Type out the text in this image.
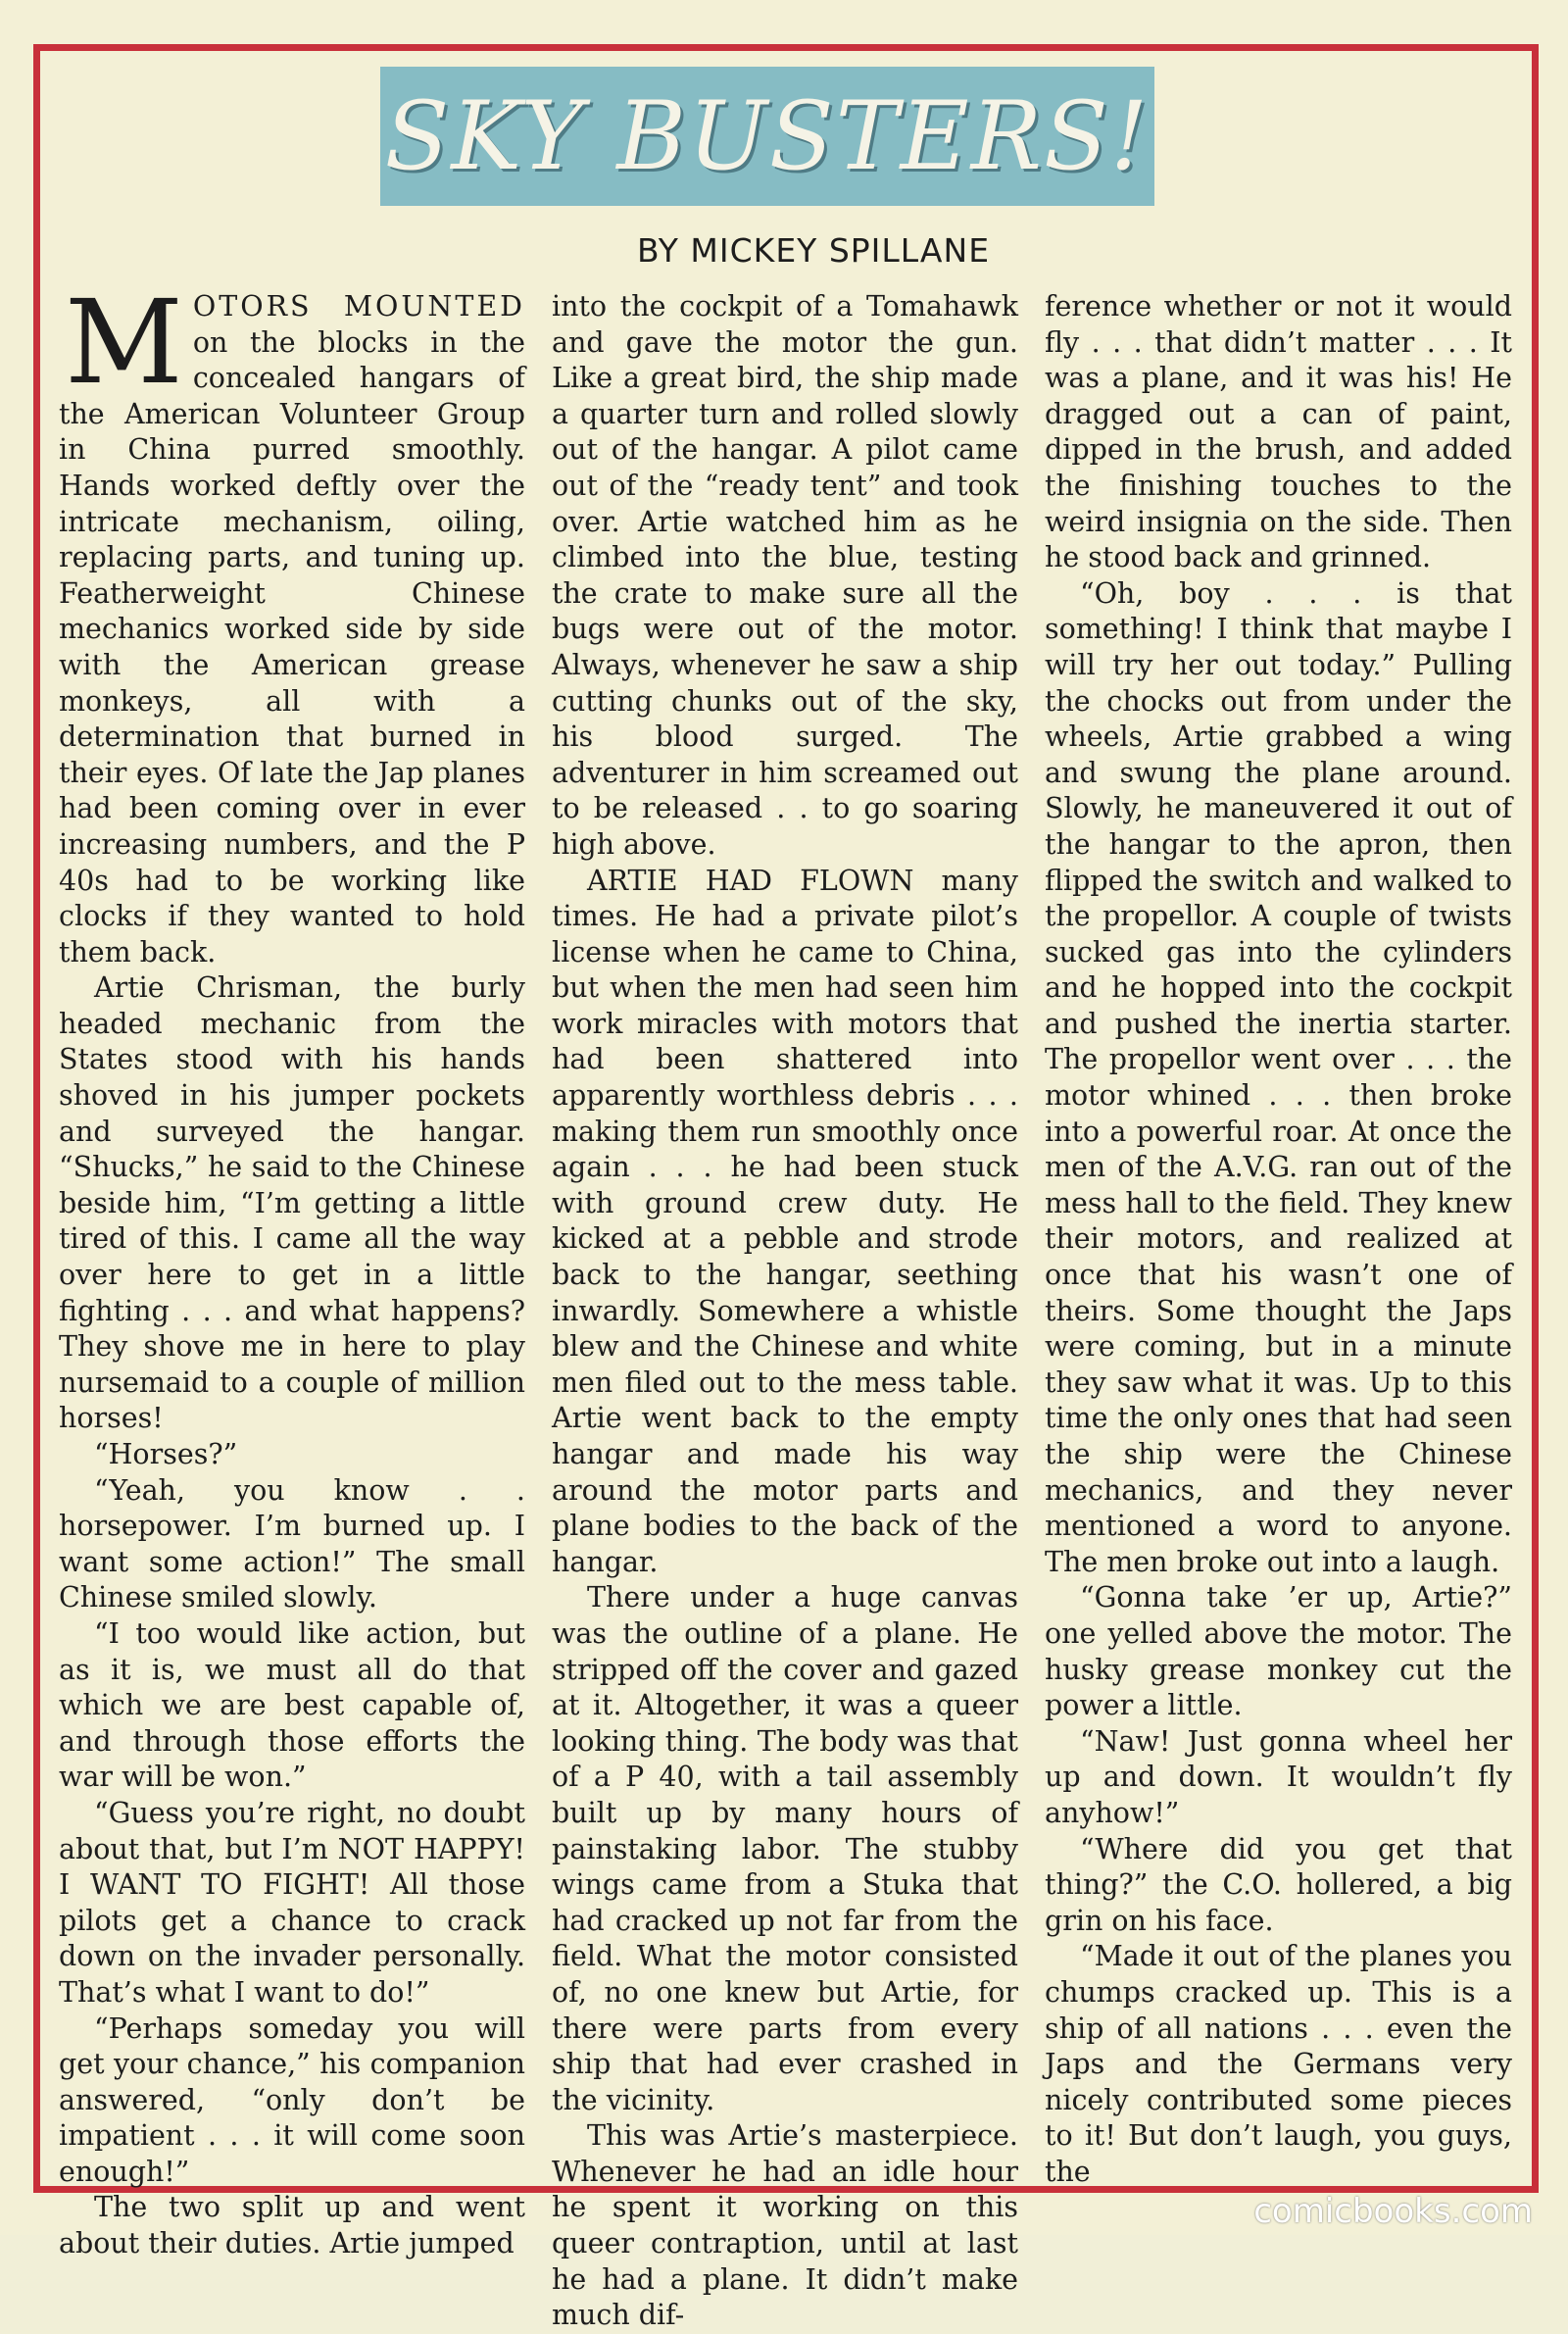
SKY BUSTERS!
BY MICKEY SPILLANE

MOTORS MOUNTED on the blocks in the concealed hangars of the American Volunteer Group in China purred smoothly. Hands worked deftly over the intricate mechanism, oiling, replacing parts, and tuning up. Featherweight Chinese mechanics worked side by side with the American grease monkeys, all with a determination that burned in their eyes. Of late the Jap planes had been coming over in ever increasing numbers, and the P 40s had to be working like clocks if they wanted to hold them back.

Artie Chrisman, the burly headed mechanic from the States stood with his hands shoved in his jumper pockets and surveyed the hangar. “Shucks,” he said to the Chinese beside him, “I’m getting a little tired of this. I came all the way over here to get in a little fighting . . . and what happens? They shove me in here to play nursemaid to a couple of million horses!

“Horses?”

“Yeah, you know . . horsepower. I’m burned up. I want some action!” The small Chinese smiled slowly.

“I too would like action, but as it is, we must all do that which we are best capable of, and through those efforts the war will be won.”

“Guess you’re right, no doubt about that, but I’m NOT HAPPY! I WANT TO FIGHT! All those pilots get a chance to crack down on the invader personally. That’s what I want to do!”

“Perhaps someday you will get your chance,” his companion answered, “only don’t be impatient . . . it will come soon enough!”

The two split up and went about their duties. Artie jumped

into the cockpit of a Tomahawk and gave the motor the gun. Like a great bird, the ship made a quarter turn and rolled slowly out of the hangar. A pilot came out of the “ready tent” and took over. Artie watched him as he climbed into the blue, testing the crate to make sure all the bugs were out of the motor. Always, whenever he saw a ship cutting chunks out of the sky, his blood surged. The adventurer in him screamed out to be released . . to go soaring high above.

ARTIE HAD FLOWN many times. He had a private pilot’s license when he came to China, but when the men had seen him work miracles with motors that had been shattered into apparently worthless debris . . . making them run smoothly once again . . . he had been stuck with ground crew duty. He kicked at a pebble and strode back to the hangar, seething inwardly. Somewhere a whistle blew and the Chinese and white men filed out to the mess table. Artie went back to the empty hangar and made his way around the motor parts and plane bodies to the back of the hangar.

There under a huge canvas was the outline of a plane. He stripped off the cover and gazed at it. Altogether, it was a queer looking thing. The body was that of a P 40, with a tail assembly built up by many hours of painstaking labor. The stubby wings came from a Stuka that had cracked up not far from the field. What the motor consisted of, no one knew but Artie, for there were parts from every ship that had ever crashed in the vicinity.

This was Artie’s masterpiece. Whenever he had an idle hour he spent it working on this queer contraption, until at last he had a plane. It didn’t make much dif-

ference whether or not it would fly . . . that didn’t matter . . . It was a plane, and it was his! He dragged out a can of paint, dipped in the brush, and added the finishing touches to the weird insignia on the side. Then he stood back and grinned.

“Oh, boy . . . is that something! I think that maybe I will try her out today.” Pulling the chocks out from under the wheels, Artie grabbed a wing and swung the plane around. Slowly, he maneuvered it out of the hangar to the apron, then flipped the switch and walked to the propellor. A couple of twists sucked gas into the cylinders and he hopped into the cockpit and pushed the inertia starter. The propellor went over . . . the motor whined . . . then broke into a powerful roar. At once the men of the A.V.G. ran out of the mess hall to the field. They knew their motors, and realized at once that his wasn’t one of theirs. Some thought the Japs were coming, but in a minute they saw what it was. Up to this time the only ones that had seen the ship were the Chinese mechanics, and they never mentioned a word to anyone. The men broke out into a laugh.

“Gonna take ’er up, Artie?” one yelled above the motor. The husky grease monkey cut the power a little.

“Naw! Just gonna wheel her up and down. It wouldn’t fly anyhow!”

“Where did you get that thing?” the C.O. hollered, a big grin on his face.

“Made it out of the planes you chumps cracked up. This is a ship of all nations . . . even the Japs and the Germans very nicely contributed some pieces to it! But don’t laugh, you guys, the

comicbooks.com
